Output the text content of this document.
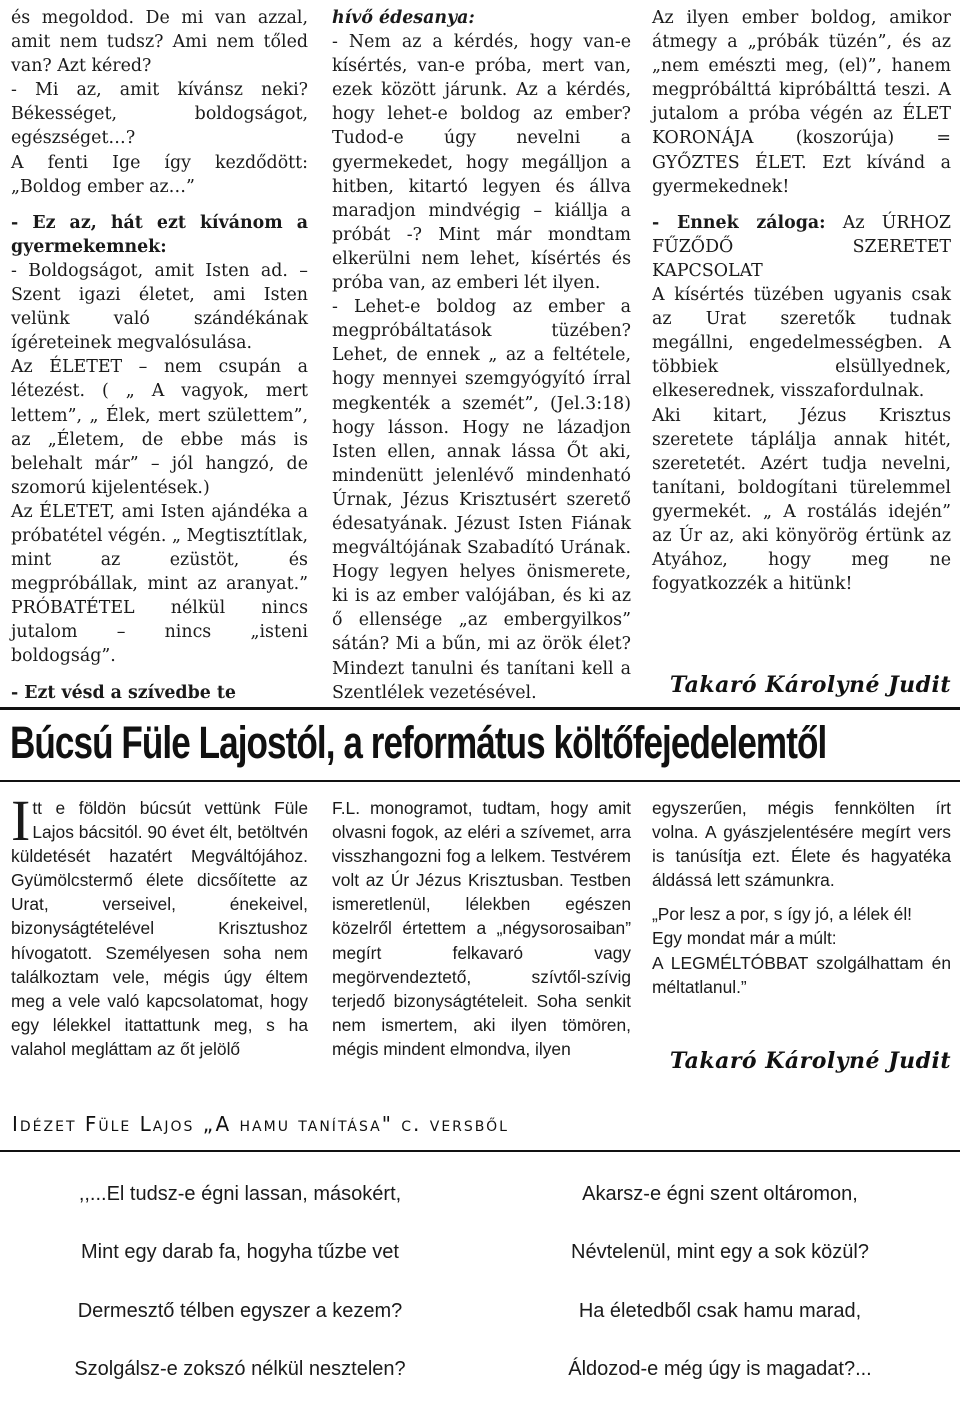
és megoldod. De mi van azzal, amit nem tudsz? Ami nem tőled van? Azt kéred?

- Mi az, amit kívánsz neki? Békességet, boldogságot, egészséget…?

A fenti Ige így kezdődött: „Boldog ember az…”

- Ez az, hát ezt kívánom a gyermekemnek:

- Boldogságot, amit Isten ad. – Szent igazi életet, ami Isten velünk való szándékának ígéreteinek megvalósulása.

Az ÉLETET – nem csupán a létezést. ( „ A vagyok, mert lettem”, „ Élek, mert születtem”, az „Életem, de ebbe más is belehalt már” – jól hangzó, de szomorú kijelentések.)

Az ÉLETET, ami Isten ajándéka a próbatétel végén. „ Megtisztítlak, mint az ezüstöt, és megpróbállak, mint az aranyat.” PRÓBATÉTEL nélkül nincs jutalom – nincs „isteni boldogság”.

- Ezt vésd a szívedbe te

hívő édesanya:

- Nem az a kérdés, hogy van-e kísértés, van-e próba, mert van, ezek között járunk. Az a kérdés, hogy lehet-e boldog az ember? Tudod-e úgy nevelni a gyermekedet, hogy megálljon a hitben, kitartó legyen és állva maradjon mindvégig – kiállja a próbát -? Mint már mondtam elkerülni nem lehet, kísértés és próba van, az emberi lét ilyen.

- Lehet-e boldog az ember a megpróbáltatások tüzében? Lehet, de ennek „ az a feltétele, hogy mennyei szemgyógyító írral megkenték a szemét”, (Jel.3:18) hogy lásson. Hogy ne lázadjon Isten ellen, annak lássa Őt aki, mindenütt jelenlévő mindenható Úrnak, Jézus Krisztusért szerető édesatyának. Jézust Isten Fiának megváltójának Szabadító Urának. Hogy legyen helyes önismerete, ki is az ember valójában, és ki az ő ellensége „az embergyilkos” sátán? Mi a bűn, mi az örök élet? Mindezt tanulni és tanítani kell a Szentlélek vezetésével.

Az ilyen ember boldog, amikor átmegy a „próbák tüzén”, és az „nem emészti meg, (el)”, hanem megpróbálttá kipróbálttá teszi. A jutalom a próba végén az ÉLET KORONÁJA (koszorúja) = GYŐZTES ÉLET. Ezt kívánd a gyermekednek!

- Ennek zálogа: Az ÚRHOZ FŰZŐDŐ SZERETET KAPCSOLAT

A kísértés tüzében ugyanis csak az Urat szeretők tudnak megállni, engedelmességben. A többiek elsüllyednek, elkeserednek, visszafordulnak.

Aki kitart, Jézus Krisztus szeretete táplálja annak hitét, szeretetét. Azért tudja nevelni, tanítani, boldogítani türelemmel gyermekét. „ A rostálás idején” az Úr az, aki könyörög értünk az Atyához, hogy meg ne fogyatkozzék a hitünk!

Takaró Károlyné Judit
Búcsú Füle Lajostól, a református költőfejedelemtől

Itt e földön búcsút vettünk Füle Lajos bácsitól. 90 évet élt, betöltvén küldetését hazatért Megváltójához. Gyümölcstermő élete dicsőítette az Urat, verseivel, énekeivel, bizonyságtételével Krisztushoz hívogatott. Személyesen soha nem találkoztam vele, mégis úgy éltem meg a vele való kapcsolatomat, hogy egy lélekkel itattattunk meg, s ha valahol megláttam az őt jelölő

F.L. monogramot, tudtam, hogy amit olvasni fogok, az eléri a szívemet, arra visszhangozni fog a lelkem. Testvérem volt az Úr Jézus Krisztusban. Testben ismeretlenül, lélekben egészen közelről értettem a „négysorosaiban” megírt felkavaró vagy megörvendeztető, szívtől-szívig terjedő bizonyságtételeit. Soha senkit nem ismertem, aki ilyen tömören, mégis mindent elmondva, ilyen

egyszerűen, mégis fennkölten írt volna. A gyászjelentésére megírt vers is tanúsítja ezt. Élete és hagyatéka áldássá lett számunkra.

„Por lesz a por, s így jó, a lélek él!

Egy mondat már a múlt:

A LEGMÉLTÓBBAT szolgálhattam én

méltatlanul.”

Takaró Károlyné Judit
Idézet Füle Lajos „A hamu tanítása" c. versből
,,...El tudsz-e égni lassan, másokért,
Mint egy darab fa, hogyha tűzbe vet
Dermesztő télben egyszer a kezem?
Szolgálsz-e zokszó nélkül nesztelen?
Akarsz-e égni szent oltáromon,
Névtelenül, mint egy a sok közül?
Ha életedből csak hamu marad,
Áldozod-e még úgy is magadat?...
